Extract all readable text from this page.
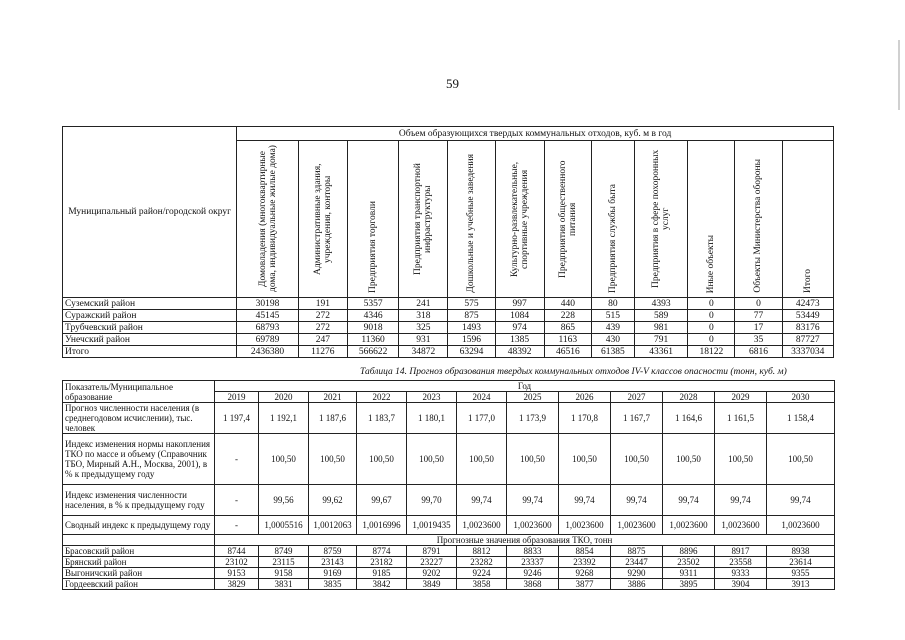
59
Муниципальный район/городской округ	Объем образующихся твердых коммунальных отходов, куб. м в год											

	Домовладения (многоквартирные дома, индивидуальные жилые дома)	Административные здания, учреждения, конторы	Предприятия торговли	Предприятия транспортной инфраструктуры	Дошкольные и учебные заведения	Культурно-развлекательные, спортивные учреждения	Предприятия общественного питания	Предприятия службы быта	Предприятия в сфере похоронных услуг	Иные объекты	Объекты Министерства обороны	Итого

Суземский район	30198	191	5357	241	575	997	440	80	4393	0	0	42473
Суражский район	45145	272	4346	318	875	1084	228	515	589	0	77	53449
Трубчевский район	68793	272	9018	325	1493	974	865	439	981	0	17	83176
Унечский район	69789	247	11360	931	1596	1385	1163	430	791	0	35	87727
Итого	2436380	11276	566622	34872	63294	48392	46516	61385	43361	18122	6816	3337034
Таблица 14. Прогноз образования твердых коммунальных отходов IV-V классов опасности (тонн, куб. м)
Показатель/Муниципальное образование	Год											
	2019	2020	2021	2022	2023	2024	2025	2026	2027	2028	2029	2030
Прогноз численности населения (в среднегодовом исчислении), тыс. человек	1 197,4	1 192,1	1 187,6	1 183,7	1 180,1	1 177,0	1 173,9	1 170,8	1 167,7	1 164,6	1 161,5	1 158,4
Индекс изменения нормы накопления ТКО по массе и объему (Справочник ТБО, Мирный А.Н., Москва, 2001), в % к предыдущему году	-	100,50	100,50	100,50	100,50	100,50	100,50	100,50	100,50	100,50	100,50	100,50
Индекс изменения численности населения, в % к предыдущему году	-	99,56	99,62	99,67	99,70	99,74	99,74	99,74	99,74	99,74	99,74	99,74
Сводный индекс к предыдущему году	-	1,0005516	1,0012063	1,0016996	1,0019435	1,0023600	1,0023600	1,0023600	1,0023600	1,0023600	1,0023600	1,0023600
	Прогнозные значения образования ТКО, тонн											
Брасовский район	8744	8749	8759	8774	8791	8812	8833	8854	8875	8896	8917	8938
Брянский район	23102	23115	23143	23182	23227	23282	23337	23392	23447	23502	23558	23614
Выгоничский район	9153	9158	9169	9185	9202	9224	9246	9268	9290	9311	9333	9355
Гордеевский район	3829	3831	3835	3842	3849	3858	3868	3877	3886	3895	3904	3913
